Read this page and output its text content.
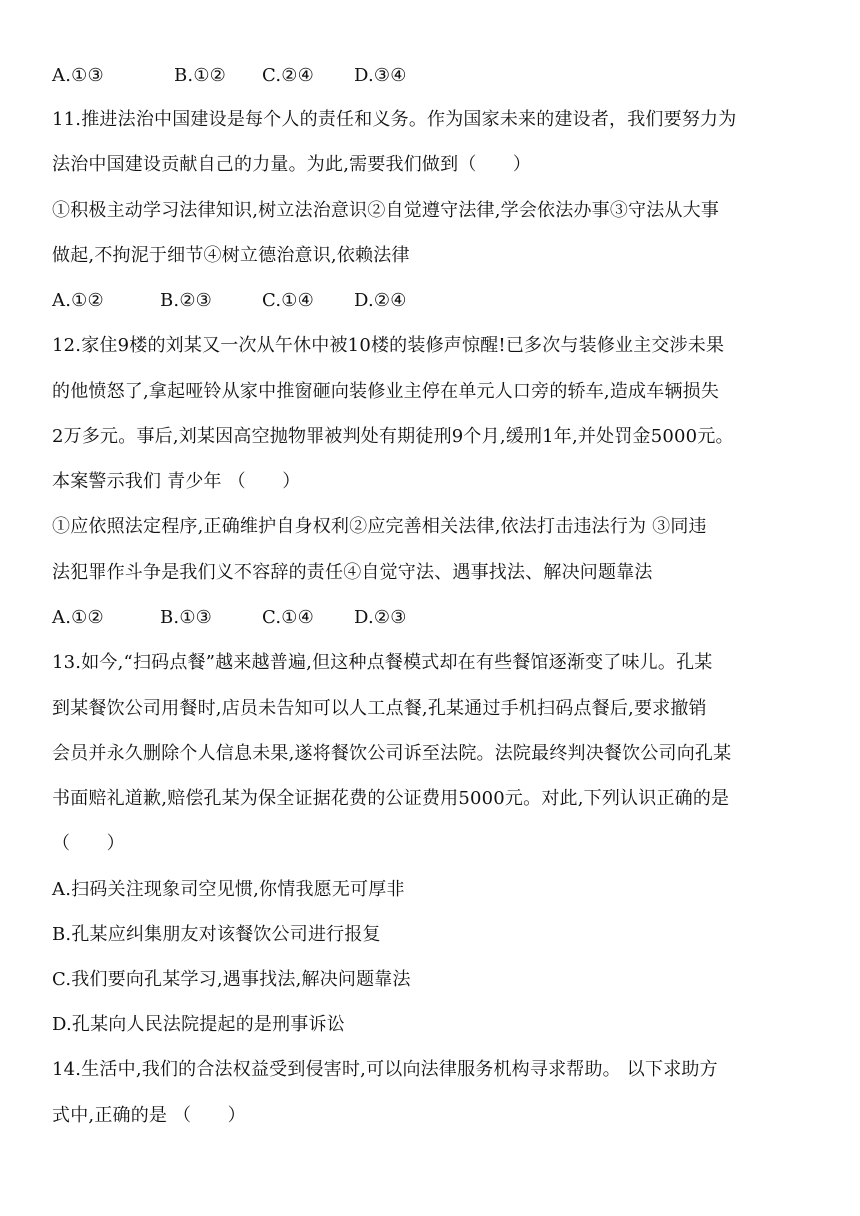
A.①③	B.①② C.②④ D.③④
11.推进法治中国建设是每个人的责任和义务。作为国家未来的建设者，我们要努力为
法治中国建设贡献自己的力量。为此,需要我们做到（　　）
①积极主动学习法律知识,树立法治意识②自觉遵守法律,学会依法办事③守法从大事
做起,不拘泥于细节④树立德治意识,依赖法律
A.①②	B.②③	C.①④ D.②④
12.家住9楼的刘某又一次从午休中被10楼的装修声惊醒!已多次与装修业主交涉未果
的他愤怒了,拿起哑铃从家中推窗砸向装修业主停在单元人口旁的轿车,造成车辆损失
2万多元。事后,刘某因高空抛物罪被判处有期徒刑9个月,缓刑1年,并处罚金5000元。
本案警示我们 青少年 （　　）
①应依照法定程序,正确维护自身权利②应完善相关法律,依法打击违法行为 ③同违
法犯罪作斗争是我们义不容辞的责任④自觉守法、遇事找法、解决问题靠法
A.①②	B.①③	C.①④ D.②③
13.如今,“扫码点餐”越来越普遍,但这种点餐模式却在有些餐馆逐渐变了味儿。孔某
到某餐饮公司用餐时,店员未告知可以人工点餐,孔某通过手机扫码点餐后,要求撤销
会员并永久删除个人信息未果,遂将餐饮公司诉至法院。法院最终判决餐饮公司向孔某
书面赔礼道歉,赔偿孔某为保全证据花费的公证费用5000元。对此,下列认识正确的是
（　　）
A.扫码关注现象司空见惯,你情我愿无可厚非
B.孔某应纠集朋友对该餐饮公司进行报复
C.我们要向孔某学习,遇事找法,解决问题靠法
D.孔某向人民法院提起的是刑事诉讼
14.生活中,我们的合法权益受到侵害时,可以向法律服务机构寻求帮助。 以下求助方
式中,正确的是 （　　）
